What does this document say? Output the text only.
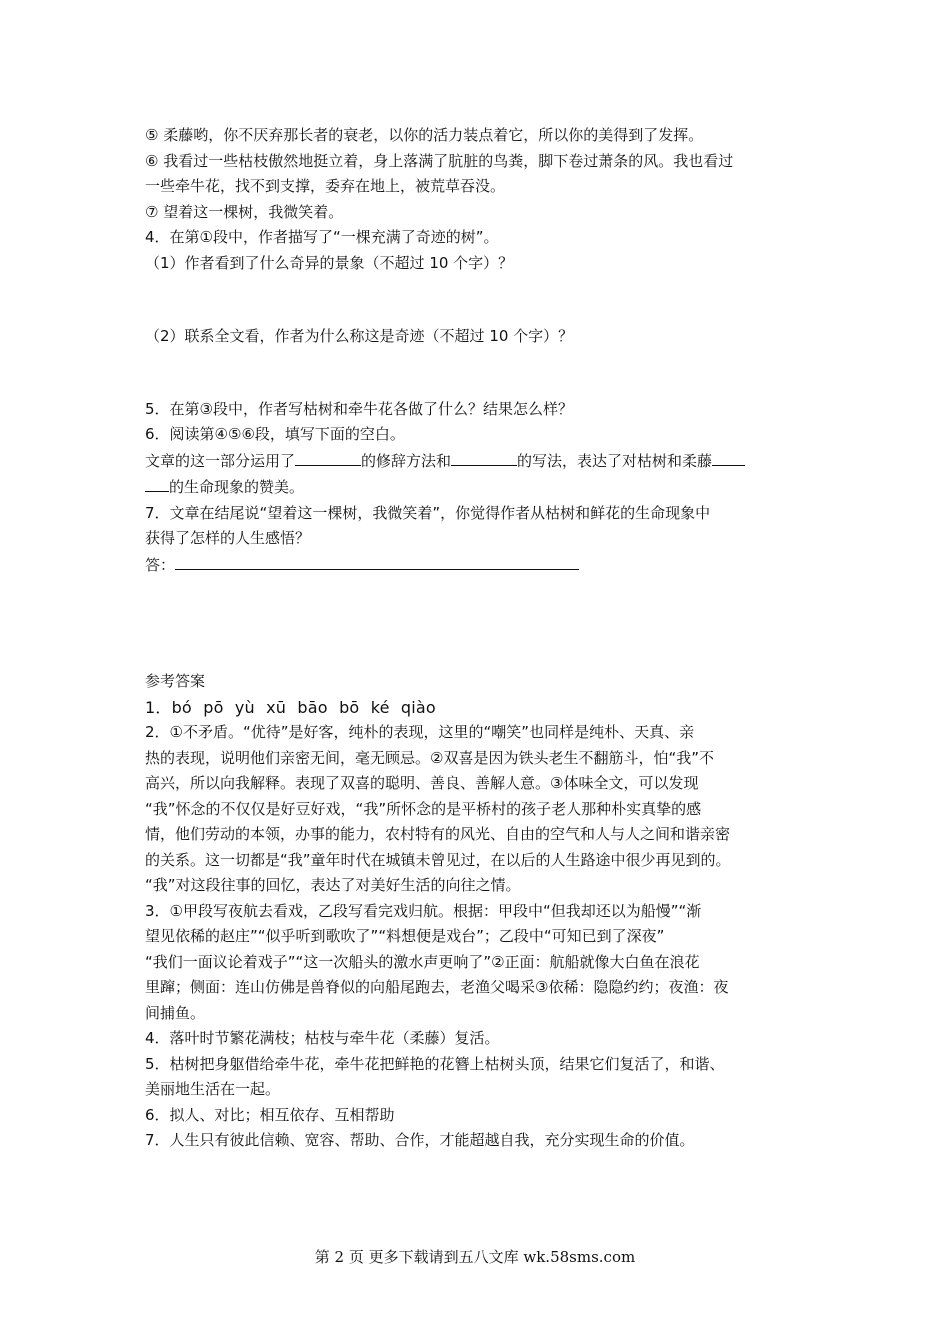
⑤ 柔藤哟，你不厌弃那长者的衰老，以你的活力装点着它，所以你的美得到了发挥。
⑥ 我看过一些枯枝傲然地挺立着，身上落满了肮脏的鸟粪，脚下卷过萧条的风。我也看过
一些牵牛花，找不到支撑，委弃在地上，被荒草吞没。
⑦ 望着这一棵树，我微笑着。
4．在第①段中，作者描写了“一棵充满了奇迹的树”。
（1）作者看到了什么奇异的景象（不超过 10 个字）？
（2）联系全文看，作者为什么称这是奇迹（不超过 10 个字）？
5．在第③段中，作者写枯树和牵牛花各做了什么？结果怎么样？
6．阅读第④⑤⑥段，填写下面的空白。
文章的这一部分运用了	的修辞方法和	的写法，表达了对枯树和柔藤
的生命现象的赞美。
7．文章在结尾说“望着这一棵树，我微笑着”，你觉得作者从枯树和鲜花的生命现象中
获得了怎样的人生感悟？
答：
参考答案
1．bó pō yù xū bāo bō ké qiào
2．①不矛盾。“优待”是好客，纯朴的表现，这里的“嘲笑”也同样是纯朴、天真、亲
热的表现，说明他们亲密无间，毫无顾忌。②双喜是因为铁头老生不翻筋斗，怕“我”不
高兴，所以向我解释。表现了双喜的聪明、善良、善解人意。③体味全文，可以发现
“我”怀念的不仅仅是好豆好戏，“我”所怀念的是平桥村的孩子老人那种朴实真挚的感
情，他们劳动的本领，办事的能力，农村特有的风光、自由的空气和人与人之间和谐亲密
的关系。这一切都是“我”童年时代在城镇未曾见过，在以后的人生路途中很少再见到的。
“我”对这段往事的回忆，表达了对美好生活的向往之情。
3．①甲段写夜航去看戏，乙段写看完戏归航。根据：甲段中“但我却还以为船慢”“渐
望见依稀的赵庄”“似乎听到歌吹了”“料想便是戏台”；乙段中“可知已到了深夜”
“我们一面议论着戏子”“这一次船头的激水声更响了”②正面：航船就像大白鱼在浪花
里蹿；侧面：连山仿佛是兽脊似的向船尾跑去，老渔父喝采③依稀：隐隐约约；夜渔：夜
间捕鱼。
4．落叶时节繁花满枝；枯枝与牵牛花（柔藤）复活。
5．枯树把身躯借给牵牛花，牵牛花把鲜艳的花簪上枯树头顶，结果它们复活了，和谐、
美丽地生活在一起。
6．拟人、对比；相互依存、互相帮助
7．人生只有彼此信赖、宽容、帮助、合作，才能超越自我，充分实现生命的价值。
第 2 页 更多下载请到五八文库 wk.58sms.com
